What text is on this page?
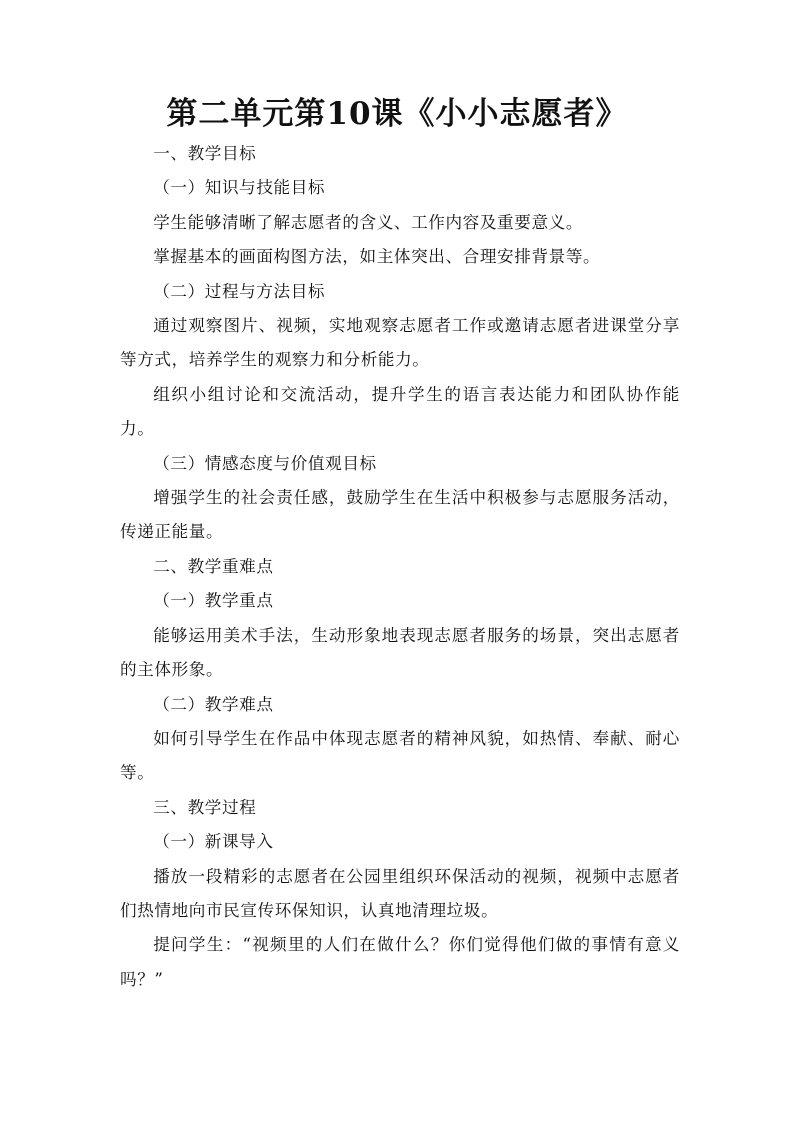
第二单元第10课《小小志愿者》

一、教学目标

（一）知识与技能目标

学生能够清晰了解志愿者的含义、工作内容及重要意义。

掌握基本的画面构图方法，如主体突出、合理安排背景等。

（二）过程与方法目标

通过观察图片、视频，实地观察志愿者工作或邀请志愿者进课堂分享等方式，培养学生的观察力和分析能力。

组织小组讨论和交流活动，提升学生的语言表达能力和团队协作能力。

（三）情感态度与价值观目标

增强学生的社会责任感，鼓励学生在生活中积极参与志愿服务活动，传递正能量。

二、教学重难点

（一）教学重点

能够运用美术手法，生动形象地表现志愿者服务的场景，突出志愿者的主体形象。

（二）教学难点

如何引导学生在作品中体现志愿者的精神风貌，如热情、奉献、耐心等。

三、教学过程

（一）新课导入

播放一段精彩的志愿者在公园里组织环保活动的视频，视频中志愿者们热情地向市民宣传环保知识，认真地清理垃圾。

提问学生：“视频里的人们在做什么？你们觉得他们做的事情有意义吗？”
